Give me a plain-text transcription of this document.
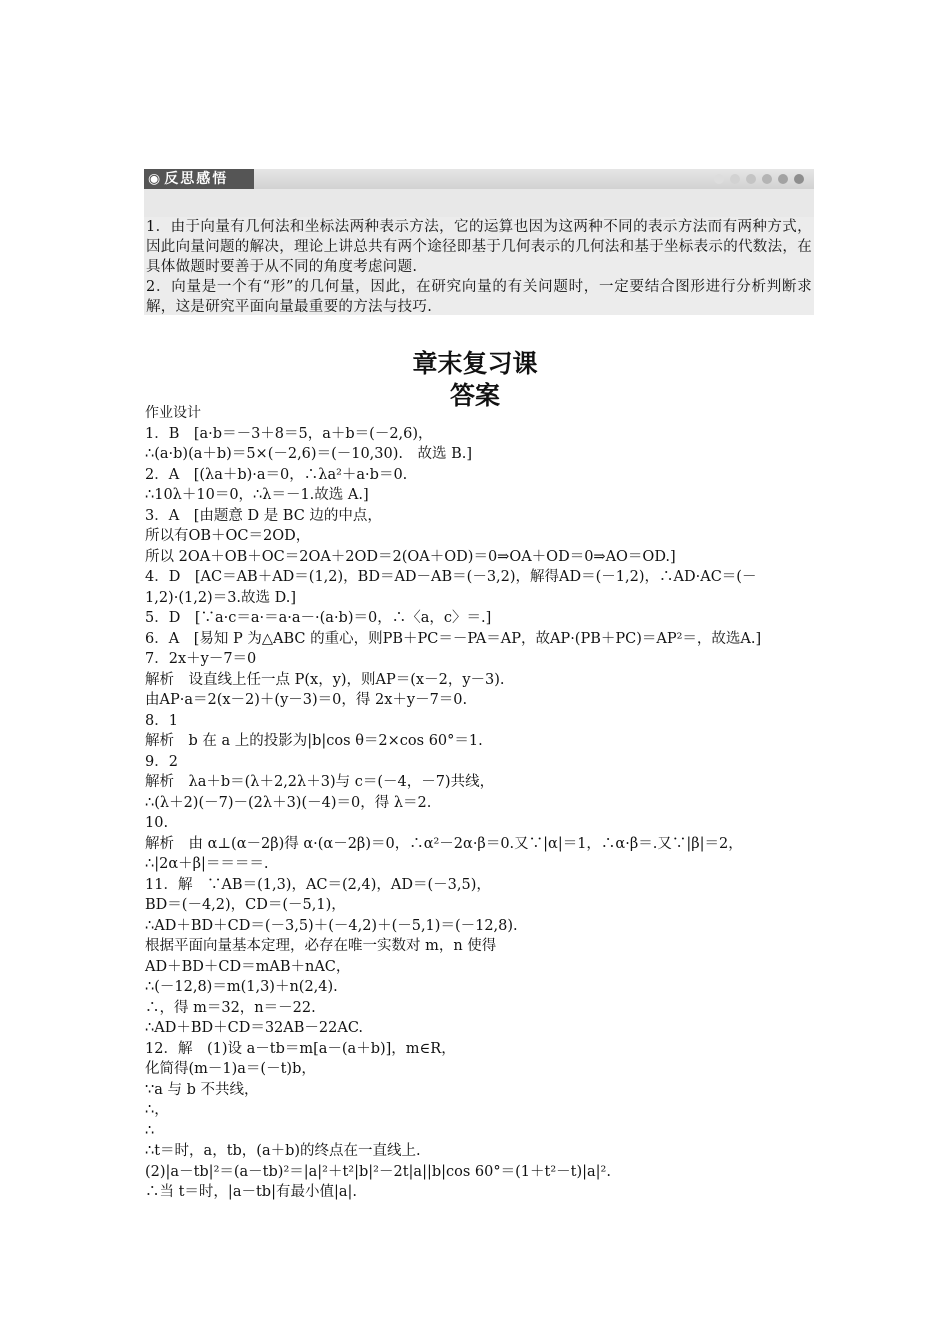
◉ 反思感悟

1．由于向量有几何法和坐标法两种表示方法，它的运算也因为这两种不同的表示方法而有两种方式，因此向量问题的解决，理论上讲总共有两个途径即基于几何表示的几何法和基于坐标表示的代数法，在具体做题时要善于从不同的角度考虑问题.

2．向量是一个有“形”的几何量，因此，在研究向量的有关问题时，一定要结合图形进行分析判断求解，这是研究平面向量最重要的方法与技巧.

章末复习课
答案

作业设计

1．B　[a·b＝－3＋8＝5，a＋b＝(－2,6)，

∴(a·b)(a＋b)＝5×(－2,6)＝(－10,30).　故选 B.]

2．A　[(λa＋b)·a＝0，∴λa²＋a·b＝0.

∴10λ＋10＝0，∴λ＝－1.故选 A.]

3．A　[由题意 D 是 BC 边的中点，

所以有OB＋OC＝2OD，

所以 2OA＋OB＋OC＝2OA＋2OD＝2(OA＋OD)＝0⇒OA＋OD＝0⇒AO＝OD.]

4．D　[AC＝AB＋AD＝(1,2)，BD＝AD－AB＝(－3,2)，解得AD＝(－1,2)，∴AD·AC＝(－1,2)·(1,2)＝3.故选 D.]

5．D　[∵a·c＝a·＝a·a－·(a·b)＝0，∴〈a，c〉＝.]

6．A　[易知 P 为△ABC 的重心，则PB＋PC＝－PA＝AP，故AP·(PB＋PC)＝AP²＝，故选A.]

7．2x＋y－7＝0

解析　设直线上任一点 P(x，y)，则AP＝(x－2，y－3).

由AP·a＝2(x－2)＋(y－3)＝0，得 2x＋y－7＝0.

8．1

解析　b 在 a 上的投影为|b|cos θ＝2×cos 60°＝1.

9．2

解析　λa＋b＝(λ＋2,2λ＋3)与 c＝(－4，－7)共线，

∴(λ＋2)(－7)－(2λ＋3)(－4)＝0，得 λ＝2.

10.

解析　由 α⊥(α－2β)得 α·(α－2β)＝0，∴α²－2α·β＝0.又∵|α|＝1，∴α·β＝.又∵|β|＝2，

∴|2α＋β|＝＝＝＝.

11．解　∵AB＝(1,3)，AC＝(2,4)，AD＝(－3,5)，

BD＝(－4,2)，CD＝(－5,1)，

∴AD＋BD＋CD＝(－3,5)＋(－4,2)＋(－5,1)＝(－12,8).

根据平面向量基本定理，必存在唯一实数对 m，n 使得

AD＋BD＋CD＝mAB＋nAC，

∴(－12,8)＝m(1,3)＋n(2,4).

∴，得 m＝32，n＝－22.

∴AD＋BD＋CD＝32AB－22AC.

12．解　(1)设 a－tb＝m[a－(a＋b)]，m∈R，

化简得(m－1)a＝(－t)b，

∵a 与 b 不共线，

∴，

∴

∴t＝时，a，tb，(a＋b)的终点在一直线上.

(2)|a－tb|²＝(a－tb)²＝|a|²＋t²|b|²－2t|a||b|cos 60°＝(1＋t²－t)|a|².

∴当 t＝时，|a－tb|有最小值|a|.
